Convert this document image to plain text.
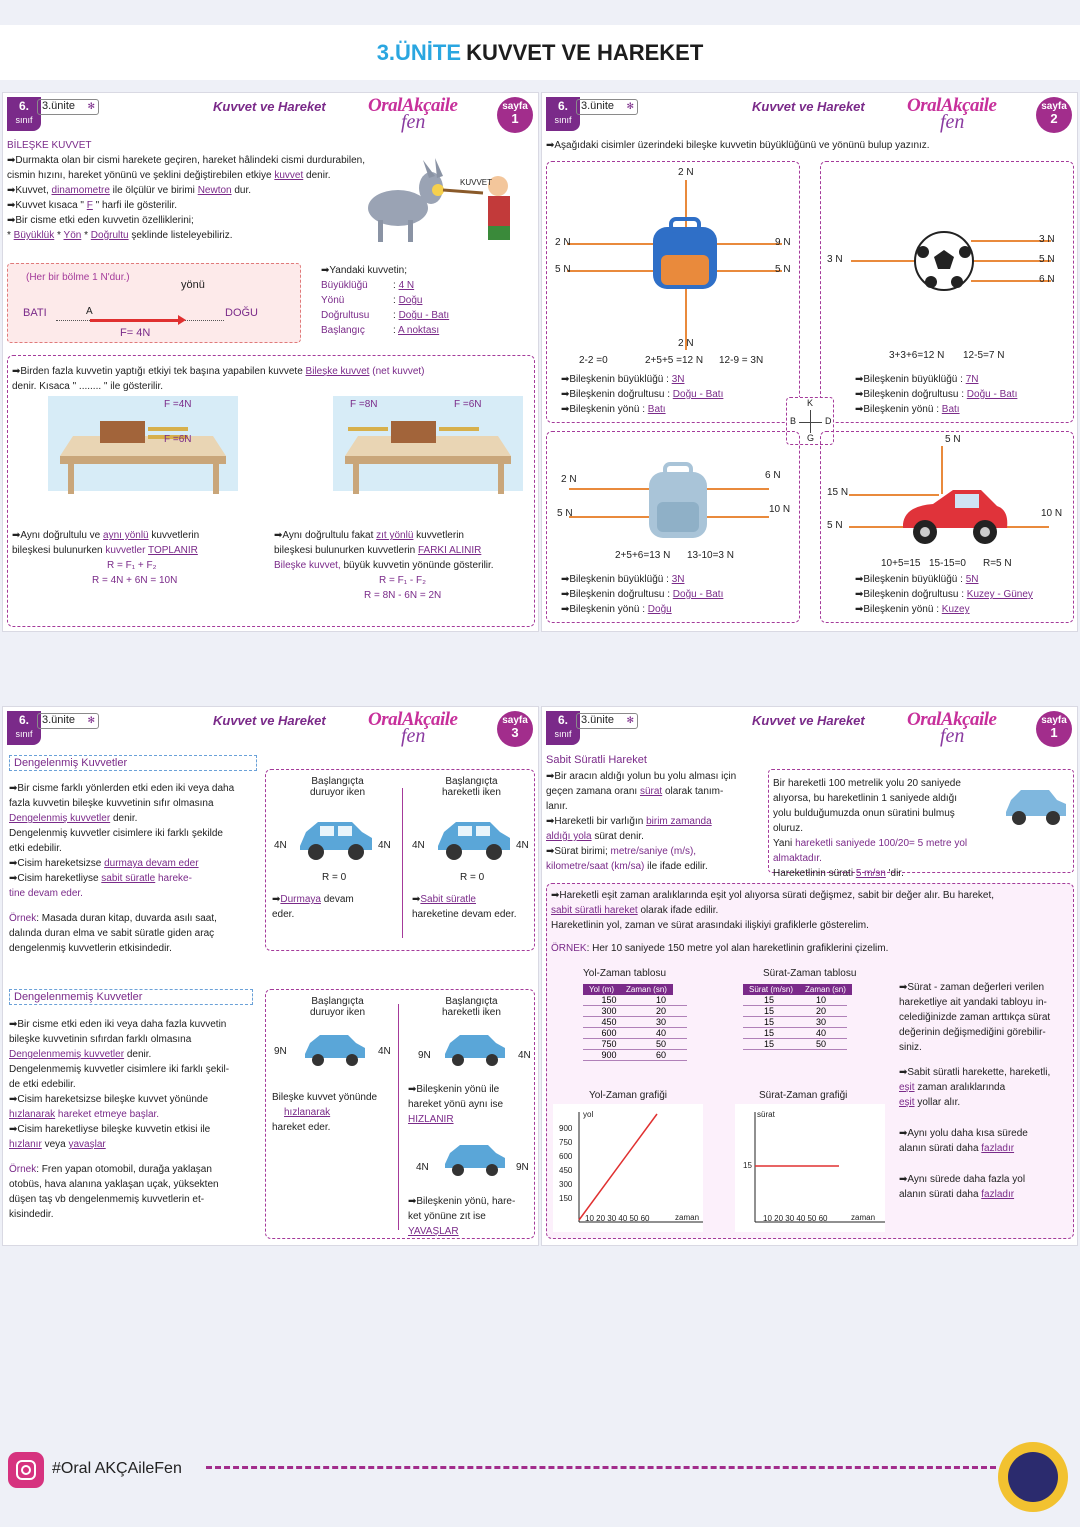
3.ÜNİTE KUVVET VE HAREKET
6.
sınıf
3.ünite ✻	Kuvvet ve Hareket OralAkçaile
fen
sayfa
1
BİLEŞKE KUVVET
➡Durmakta olan bir cismi harekete geçiren, hareket hâlindeki cismi durdurabilen,
cismin hızını, hareket yönünü ve şeklini değiştirebilen etkiye kuvvet denir.
➡Kuvvet, dinamometre ile ölçülür ve birimi Newton dur.
➡Kuvvet kısaca " F " harfi ile gösterilir.
➡Bir cisme etki eden kuvvetin özelliklerini;
* Büyüklük * Yön * Doğrultu şeklinde listeleyebiliriz.
KUVVET
(Her bir bölme 1 N'dur.)
yönü
BATI	A	DOĞU
F= 4N
➡Yandaki kuvvetin;
Büyüklüğü	: 4 N
Yönü	: Doğu
Doğrultusu : Doğu - Batı
Başlangıç	: A noktası
➡Birden fazla kuvvetin yaptığı etkiyi tek başına yapabilen kuvvete Bileşke kuvvet (net kuvvet)
denir. Kısaca " ........ " ile gösterilir.
F =4N
F =6N
F =8N	F =6N
➡Aynı doğrultulu ve aynı yönlü kuvvetlerin
bileşkesi bulunurken kuvvetler TOPLANIR
R = F₁ + F₂
R = 4N + 6N = 10N
➡Aynı doğrultulu fakat zıt yönlü kuvvetlerin
bileşkesi bulunurken kuvvetlerin FARKI ALINIR
Bileşke kuvvet, büyük kuvvetin yönünde gösterilir.
R = F₁ - F₂
R = 8N - 6N = 2N
6.
sınıf
3.ünite ✻	Kuvvet ve Hareket OralAkçaile
fen
sayfa
2
➡Aşağıdaki cisimler üzerindeki bileşke kuvvetin büyüklüğünü ve yönünü bulup yazınız.
2 N
2 N
2 N
5 N
9 N
5 N
2-2 =0	2+5+5 =12 N 12-9 = 3N
➡Bileşkenin büyüklüğü : 3N
➡Bileşkenin doğrultusu : Doğu - Batı
➡Bileşkenin yönü : Batı
3 N
3 N
5 N
6 N
3+3+6=12 N 12-5=7 N
➡Bileşkenin büyüklüğü : 7N
➡Bileşkenin doğrultusu : Doğu - Batı
➡Bileşkenin yönü : Batı
K
G
D
B
2 N
5 N
6 N
10 N
2+5+6=13 N 13-10=3 N
➡Bileşkenin büyüklüğü : 3N
➡Bileşkenin doğrultusu : Doğu - Batı
➡Bileşkenin yönü : Doğu
5 N
15 N
5 N
10 N
10+5=15 15-15=0 R=5 N
➡Bileşkenin büyüklüğü : 5N
➡Bileşkenin doğrultusu : Kuzey - Güney
➡Bileşkenin yönü : Kuzey
6.
sınıf
3.ünite ✻	Kuvvet ve Hareket OralAkçaile
fen
sayfa
3
Dengelenmiş Kuvvetler
➡Bir cisme farklı yönlerden etki eden iki veya daha
fazla kuvvetin bileşke kuvvetinin sıfır olmasına
Dengelenmiş kuvvetler denir.
Dengelenmiş kuvvetler cisimlere iki farklı şekilde
etki edebilir.
➡Cisim hareketsizse durmaya devam eder
➡Cisim hareketliyse sabit süratle hareke-
tine devam eder.
Örnek: Masada duran kitap, duvarda asılı saat,
dalında duran elma ve sabit süratle giden araç
dengelenmiş kuvvetlerin etkisindedir.
Başlangıçta
duruyor iken
Başlangıçta
hareketli iken
4N	4N 4N	4N
R = 0	R = 0
➡Durmaya devam
eder.
➡Sabit süratle
hareketine devam eder.
Dengelenmemiş Kuvvetler
➡Bir cisme etki eden iki veya daha fazla kuvvetin
bileşke kuvvetinin sıfırdan farklı olmasına
Dengelenmemiş kuvvetler denir.
Dengelenmemiş kuvvetler cisimlere iki farklı şekil-
de etki edebilir.
➡Cisim hareketsizse bileşke kuvvet yönünde
hızlanarak hareket etmeye başlar.
➡Cisim hareketliyse bileşke kuvvetin etkisi ile
hızlanır veya yavaşlar
Örnek: Fren yapan otomobil, durağa yaklaşan
otobüs, hava alanına yaklaşan uçak, yüksekten
düşen taş vb dengelenmemiş kuvvetlerin et-
kisindedir.
Başlangıçta
duruyor iken
Başlangıçta
hareketli iken
9N	4N	9N	4N
4N	9N
Bileşke kuvvet yönünde
hızlanarak
hareket eder.
➡Bileşkenin yönü ile
hareket yönü aynı ise
HIZLANIR
➡Bileşkenin yönü, hare-
ket yönüne zıt ise
YAVAŞLAR
6.
sınıf
3.ünite ✻	Kuvvet ve Hareket OralAkçaile
fen
sayfa
1
Sabit Süratli Hareket
➡Bir aracın aldığı yolun bu yolu alması için
geçen zamana oranı sürat olarak tanım-
lanır.
➡Hareketli bir varlığın birim zamanda
aldığı yola sürat denir.
➡Sürat birimi; metre/saniye (m/s),
kilometre/saat (km/sa) ile ifade edilir.
Bir hareketli 100 metrelik yolu 20 saniyede
alıyorsa, bu hareketlinin 1 saniyede aldığı
yolu bulduğumuzda onun süratini bulmuş
oluruz.
Yani hareketli saniyede 100/20= 5 metre yol almaktadır.
Hareketlinin sürati 5 m/sn 'dir.
➡Hareketli eşit zaman aralıklarında eşit yol alıyorsa sürati değişmez, sabit bir değer alır. Bu hareket,
sabit süratli hareket olarak ifade edilir.
Hareketlinin yol, zaman ve sürat arasındaki ilişkiyi grafiklerle gösterelim.
ÖRNEK: Her 10 saniyede 150 metre yol alan hareketlinin grafiklerini çizelim.
Yol-Zaman tablosu
Yol (m)	Zaman (sn)
150	10
300	20
450	30
600	40
750	50
900	60
Sürat-Zaman tablosu
Sürat (m/sn)	Zaman (sn)
15	10
15	20
15	30
15	40
15	50
Yol-Zaman grafiği	Sürat-Zaman grafiği
yol
900
750
600
450
300
150
10 20 30 40 50 60	zaman
sürat
15
10 20 30 40 50 60	zaman
➡Sürat - zaman değerleri verilen
hareketliye ait yandaki tabloyu in-
celediğinizde zaman arttıkça sürat
değerinin değişmediğini görebilir-
siniz.
➡Sabit süratli harekette, hareketli,
eşit zaman aralıklarında
eşit yollar alır.
➡Aynı yolu daha kısa sürede
alanın sürati daha fazladır
➡Aynı sürede daha fazla yol
alanın sürati daha fazladır
#Oral AKÇAileFen
